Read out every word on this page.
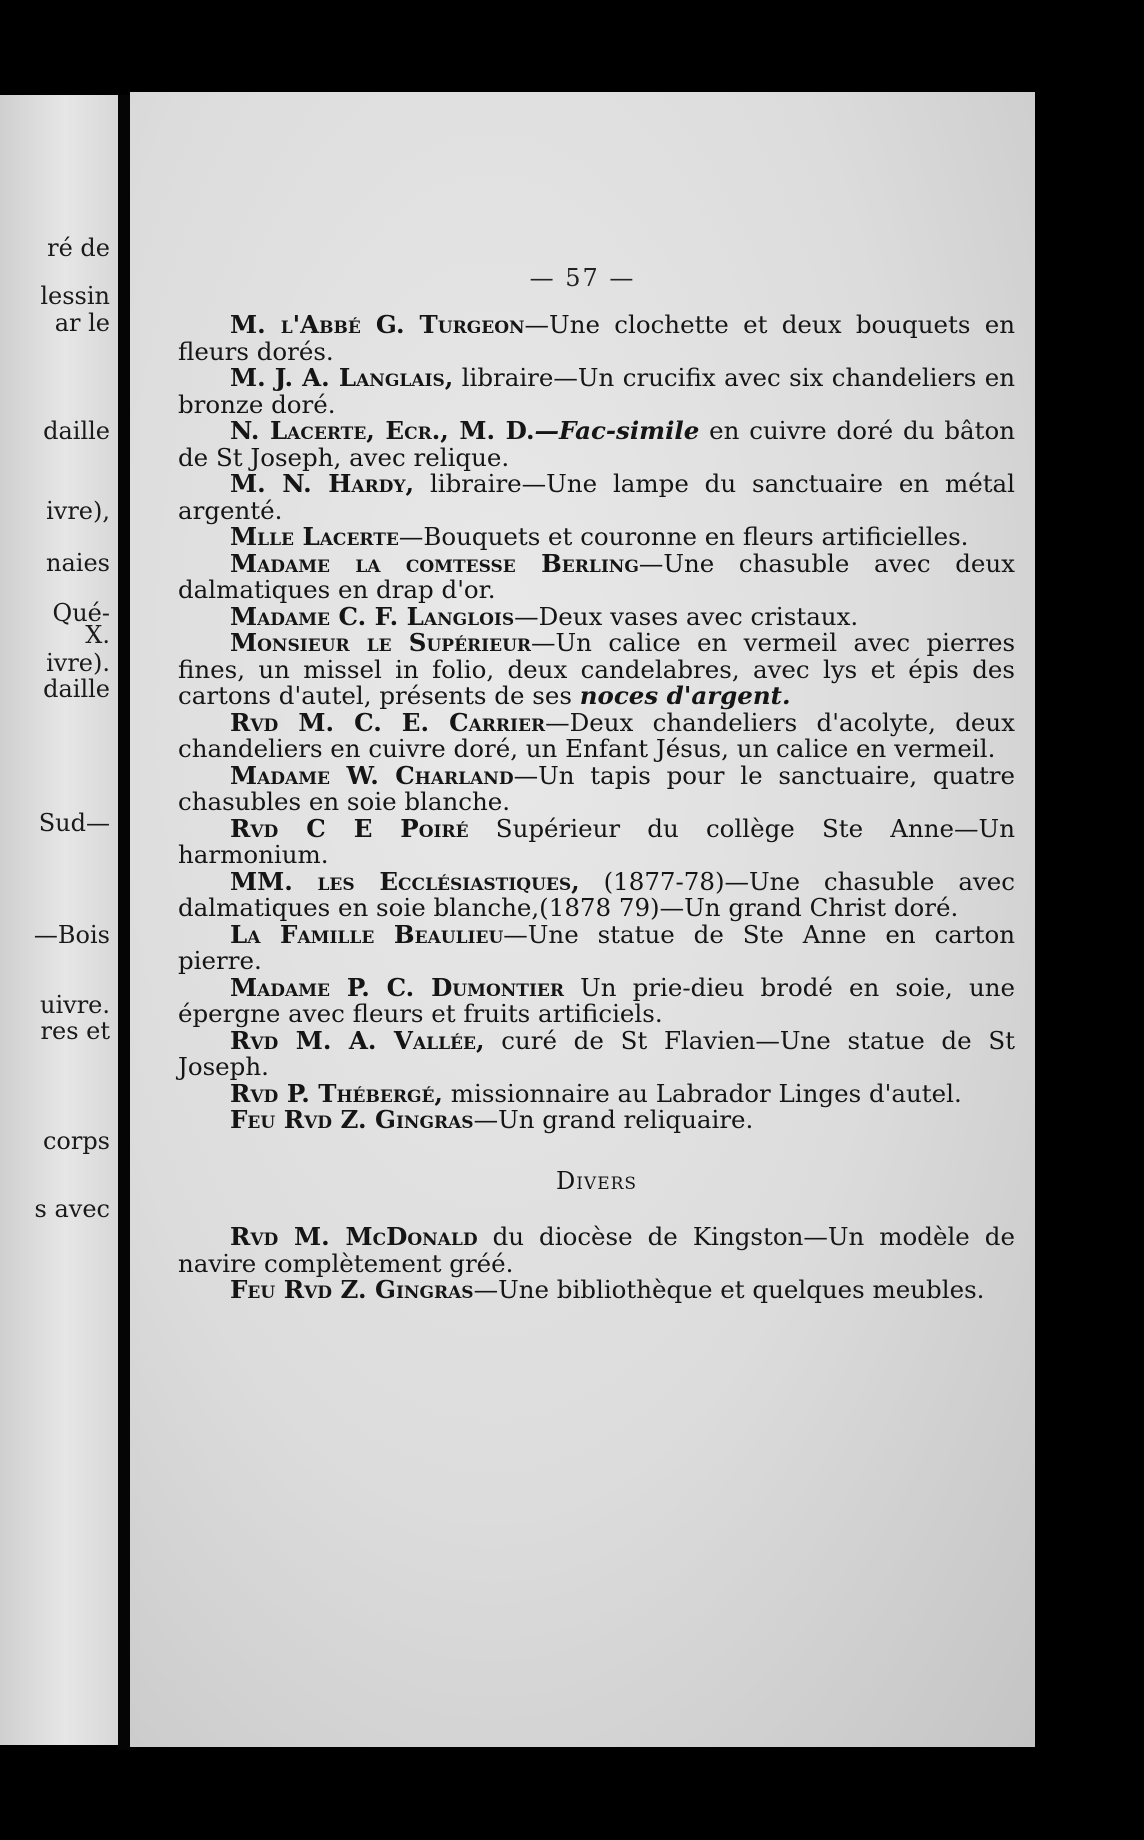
ré de
lessin
ar le
daille
ivre),
naies
Qué-
X.
ivre).
daille
Sud—
—Bois
uivre.
res et
corps
s avec
— 57 —

M. l'Abbé G. Turgeon—Une clochette et deux bouquets en fleurs dorés.

M. J. A. Langlais, libraire—Un crucifix avec six chandeliers en bronze doré.

N. Lacerte, Ecr., M. D.—Fac-simile en cuivre doré du bâton de St Joseph, avec relique.

M. N. Hardy, libraire—Une lampe du sanctuaire en métal argenté.

Mlle Lacerte—Bouquets et couronne en fleurs artificielles.

Madame la comtesse Berling—Une chasuble avec deux dalmatiques en drap d'or.

Madame C. F. Langlois—Deux vases avec cristaux.

Monsieur le Supérieur—Un calice en vermeil avec pierres fines, un missel in folio, deux candelabres, avec lys et épis des cartons d'autel, présents de ses noces d'argent.

Rvd M. C. E. Carrier—Deux chandeliers d'acolyte, deux chandeliers en cuivre doré, un Enfant Jésus, un calice en vermeil.

Madame W. Charland—Un tapis pour le sanctuaire, quatre chasubles en soie blanche.

Rvd C E Poiré Supérieur du collège Ste Anne—Un harmonium.

MM. les Ecclésiastiques, (1877-78)—Une chasuble avec dalmatiques en soie blanche,(1878 79)—Un grand Christ doré.

La Famille Beaulieu—Une statue de Ste Anne en carton pierre.

Madame P. C. Dumontier Un prie-dieu brodé en soie, une épergne avec fleurs et fruits artificiels.

Rvd M. A. Vallée, curé de St Flavien—Une statue de St Joseph.

Rvd P. Thébergé, missionnaire au Labrador Linges d'autel.

Feu Rvd Z. Gingras—Un grand reliquaire.

Divers

Rvd M. McDonald du diocèse de Kingston—Un modèle de navire complètement gréé.

Feu Rvd Z. Gingras—Une bibliothèque et quelques meubles.
